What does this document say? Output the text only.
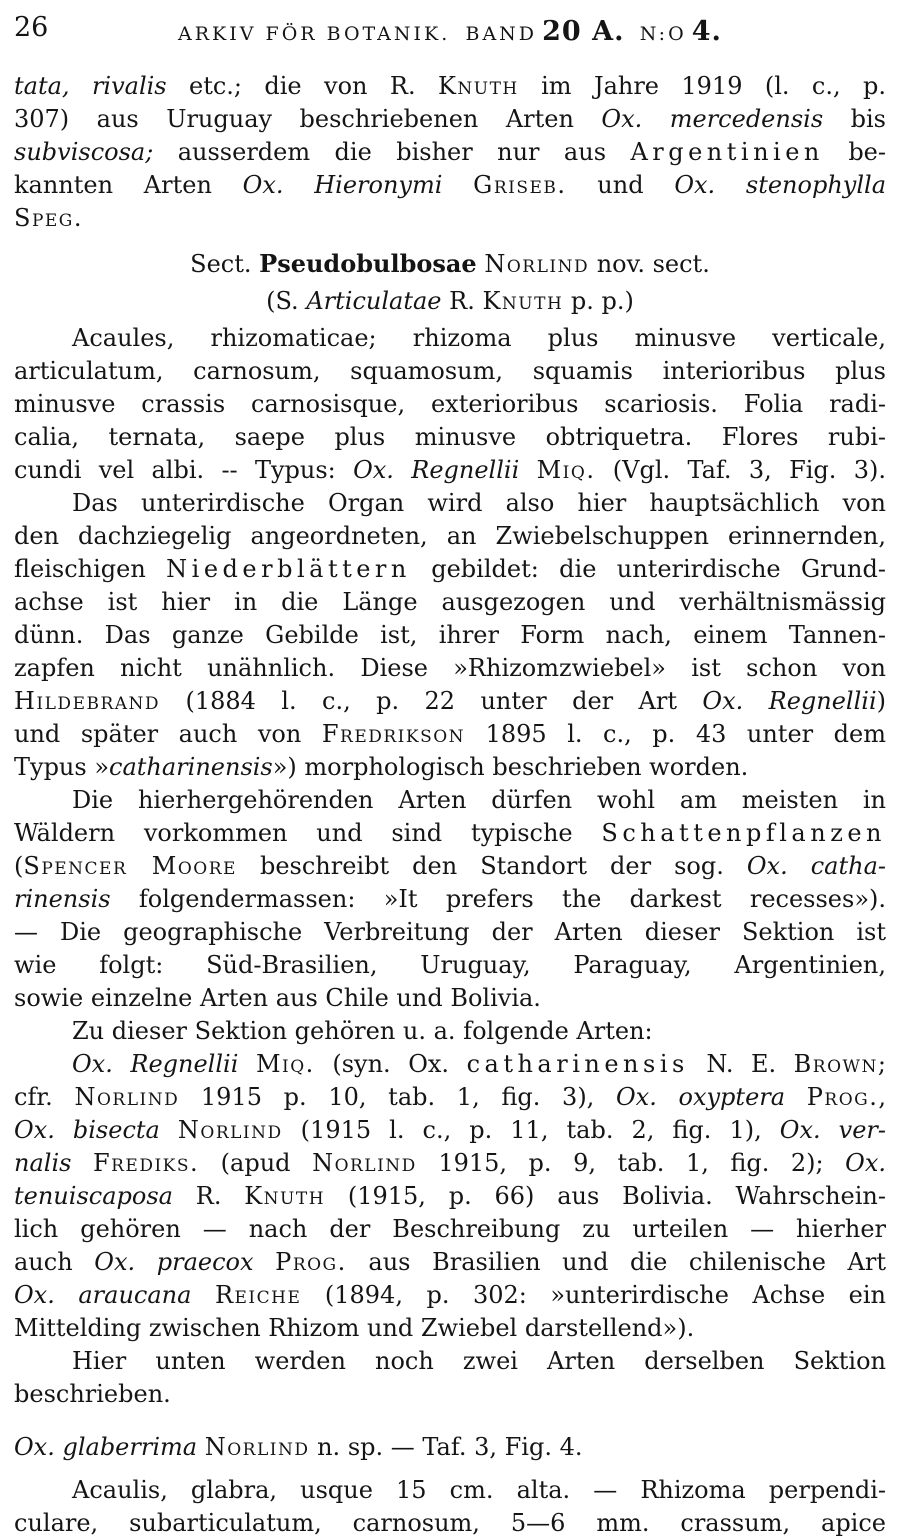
26	ARKIV FÖR BOTANIK. BAND 20 A. N:O 4.
tata, rivalis etc.; die von R. Knuth im Jahre 1919 (l. c., p.
307) aus Uruguay beschriebenen Arten Ox. mercedensis bis
subviscosa; ausserdem die bisher nur aus Argentinien be-
kannten Arten Ox. Hieronymi Griseb. und Ox. stenophylla
Speg.
Sect. Pseudobulbosae Norlind nov. sect.
(S. Articulatae R. Knuth p. p.)
Acaules, rhizomaticae; rhizoma plus minusve verticale,
articulatum, carnosum, squamosum, squamis interioribus plus
minusve crassis carnosisque, exterioribus scariosis. Folia radi-
calia, ternata, saepe plus minusve obtriquetra. Flores rubi-
cundi vel albi. -- Typus: Ox. Regnellii Miq. (Vgl. Taf. 3, Fig. 3).
Das unterirdische Organ wird also hier hauptsächlich von
den dachziegelig angeordneten, an Zwiebelschuppen erinnernden,
fleischigen Niederblättern gebildet: die unterirdische Grund-
achse ist hier in die Länge ausgezogen und verhältnismässig
dünn. Das ganze Gebilde ist, ihrer Form nach, einem Tannen-
zapfen nicht unähnlich. Diese »Rhizomzwiebel» ist schon von
Hildebrand (1884 l. c., p. 22 unter der Art Ox. Regnellii)
und später auch von Fredrikson 1895 l. c., p. 43 unter dem
Typus »catharinensis») morphologisch beschrieben worden.
Die hierhergehörenden Arten dürfen wohl am meisten in
Wäldern vorkommen und sind typische Schattenpflanzen
(Spencer Moore beschreibt den Standort der sog. Ox. catha-
rinensis folgendermassen: »It prefers the darkest recesses»).
— Die geographische Verbreitung der Arten dieser Sektion ist
wie folgt: Süd-Brasilien, Uruguay, Paraguay, Argentinien,
sowie einzelne Arten aus Chile und Bolivia.
Zu dieser Sektion gehören u. a. folgende Arten:
Ox. Regnellii Miq. (syn. Ox. catharinensis N. E. Brown;
cfr. Norlind 1915 p. 10, tab. 1, fig. 3), Ox. oxyptera Prog.,
Ox. bisecta Norlind (1915 l. c., p. 11, tab. 2, fig. 1), Ox. ver-
nalis Frediks. (apud Norlind 1915, p. 9, tab. 1, fig. 2); Ox.
tenuiscaposa R. Knuth (1915, p. 66) aus Bolivia. Wahrschein-
lich gehören — nach der Beschreibung zu urteilen — hierher
auch Ox. praecox Prog. aus Brasilien und die chilenische Art
Ox. araucana Reiche (1894, p. 302: »unterirdische Achse ein
Mittelding zwischen Rhizom und Zwiebel darstellend»).
Hier unten werden noch zwei Arten derselben Sektion
beschrieben.
Ox. glaberrima Norlind n. sp. — Taf. 3, Fig. 4.
Acaulis, glabra, usque 15 cm. alta. — Rhizoma perpendi-
culare, subarticulatum, carnosum, 5—6 mm. crassum, apice
